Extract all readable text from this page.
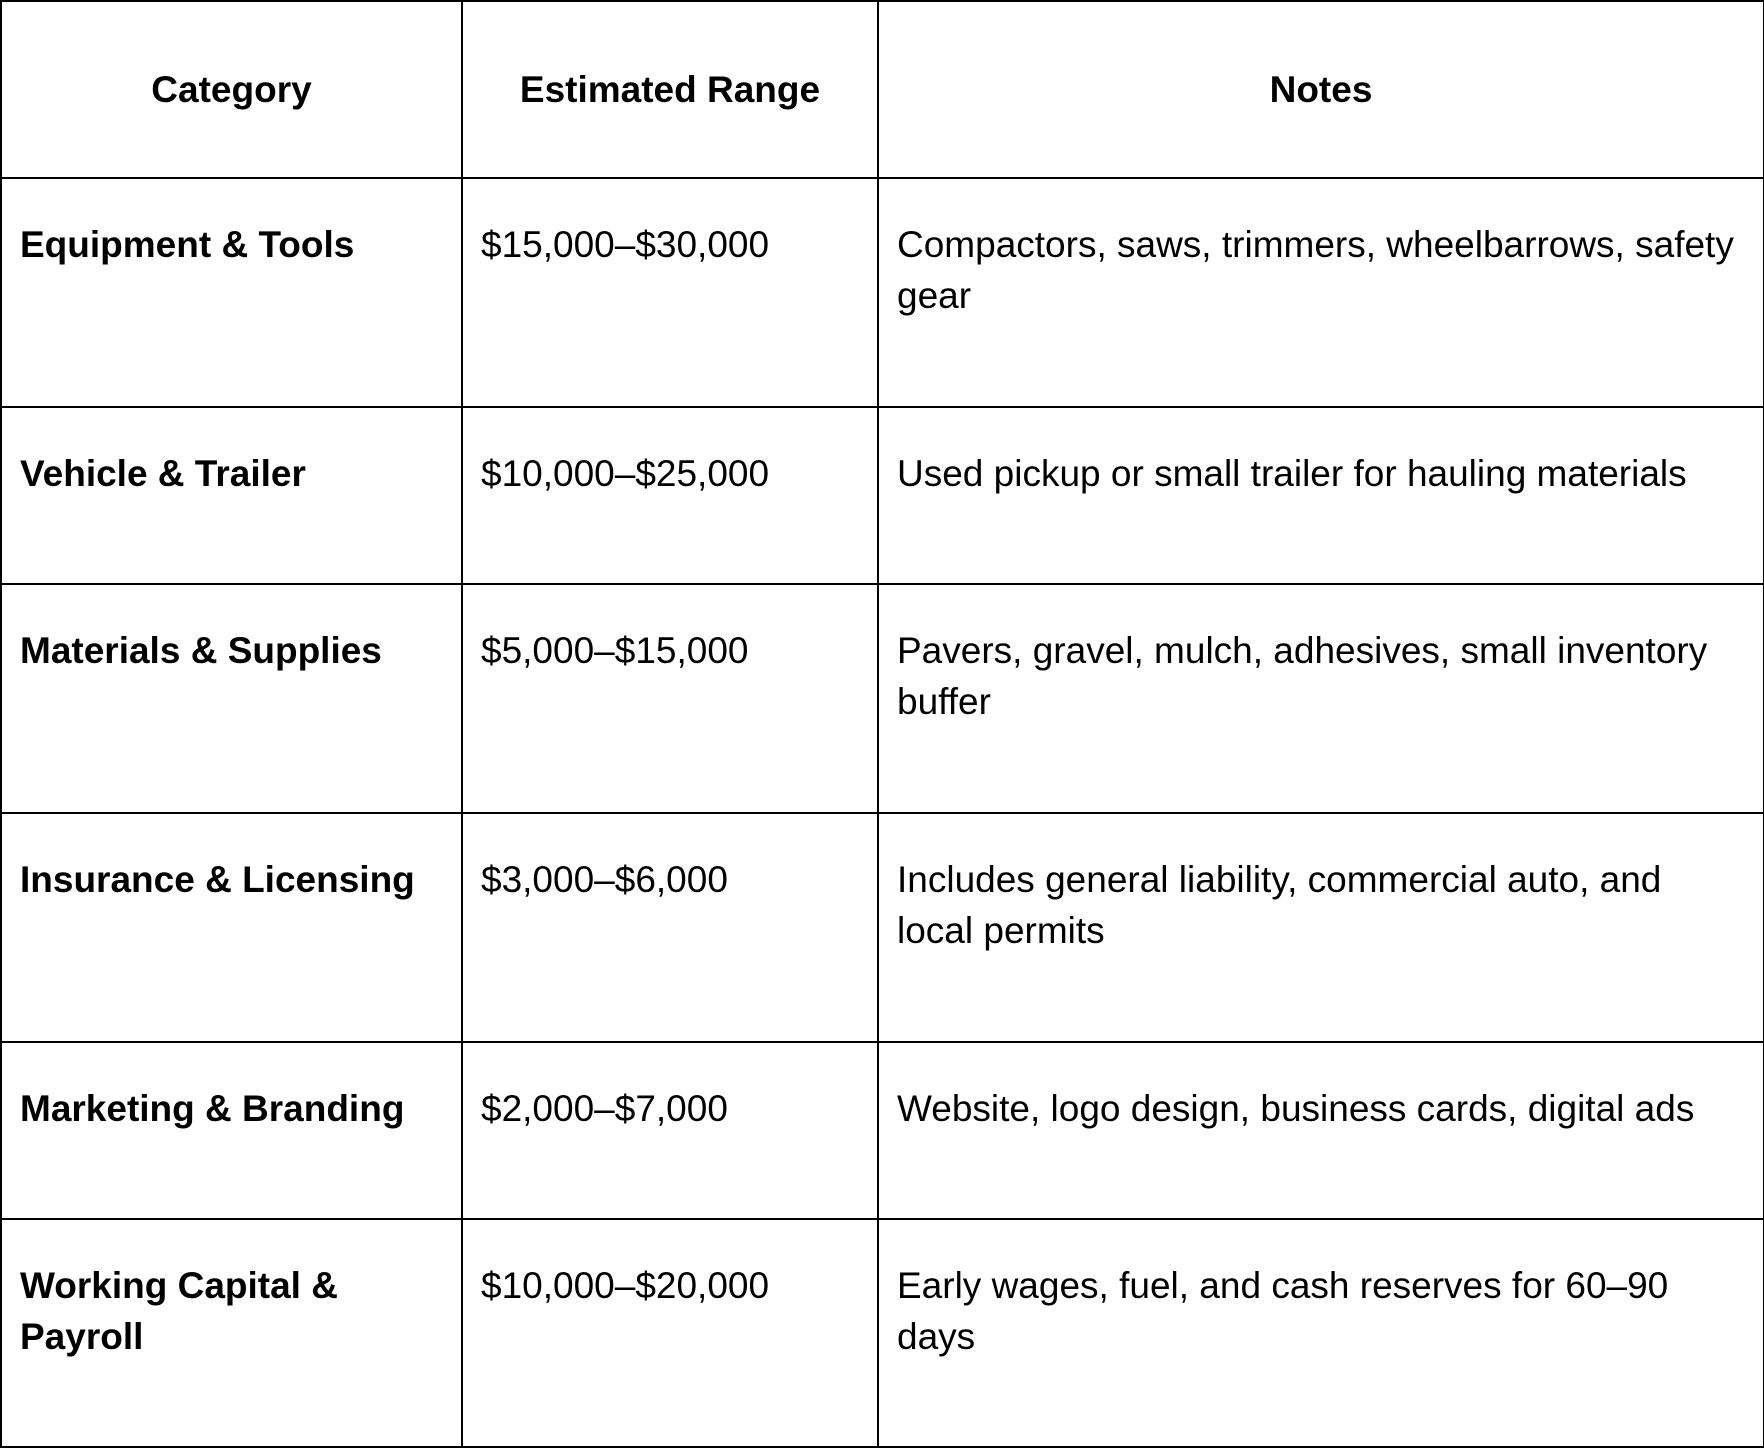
Category	Estimated Range	Notes
Equipment & Tools	$15,000–$30,000	Compactors, saws, trimmers, wheelbarrows, safety gear
Vehicle & Trailer	$10,000–$25,000	Used pickup or small trailer for hauling materials
Materials & Supplies	$5,000–$15,000	Pavers, gravel, mulch, adhesives, small inventory buffer
Insurance & Licensing	$3,000–$6,000	Includes general liability, commercial auto, and local permits
Marketing & Branding	$2,000–$7,000	Website, logo design, business cards, digital ads
Working Capital & Payroll	$10,000–$20,000	Early wages, fuel, and cash reserves for 60–90 days
